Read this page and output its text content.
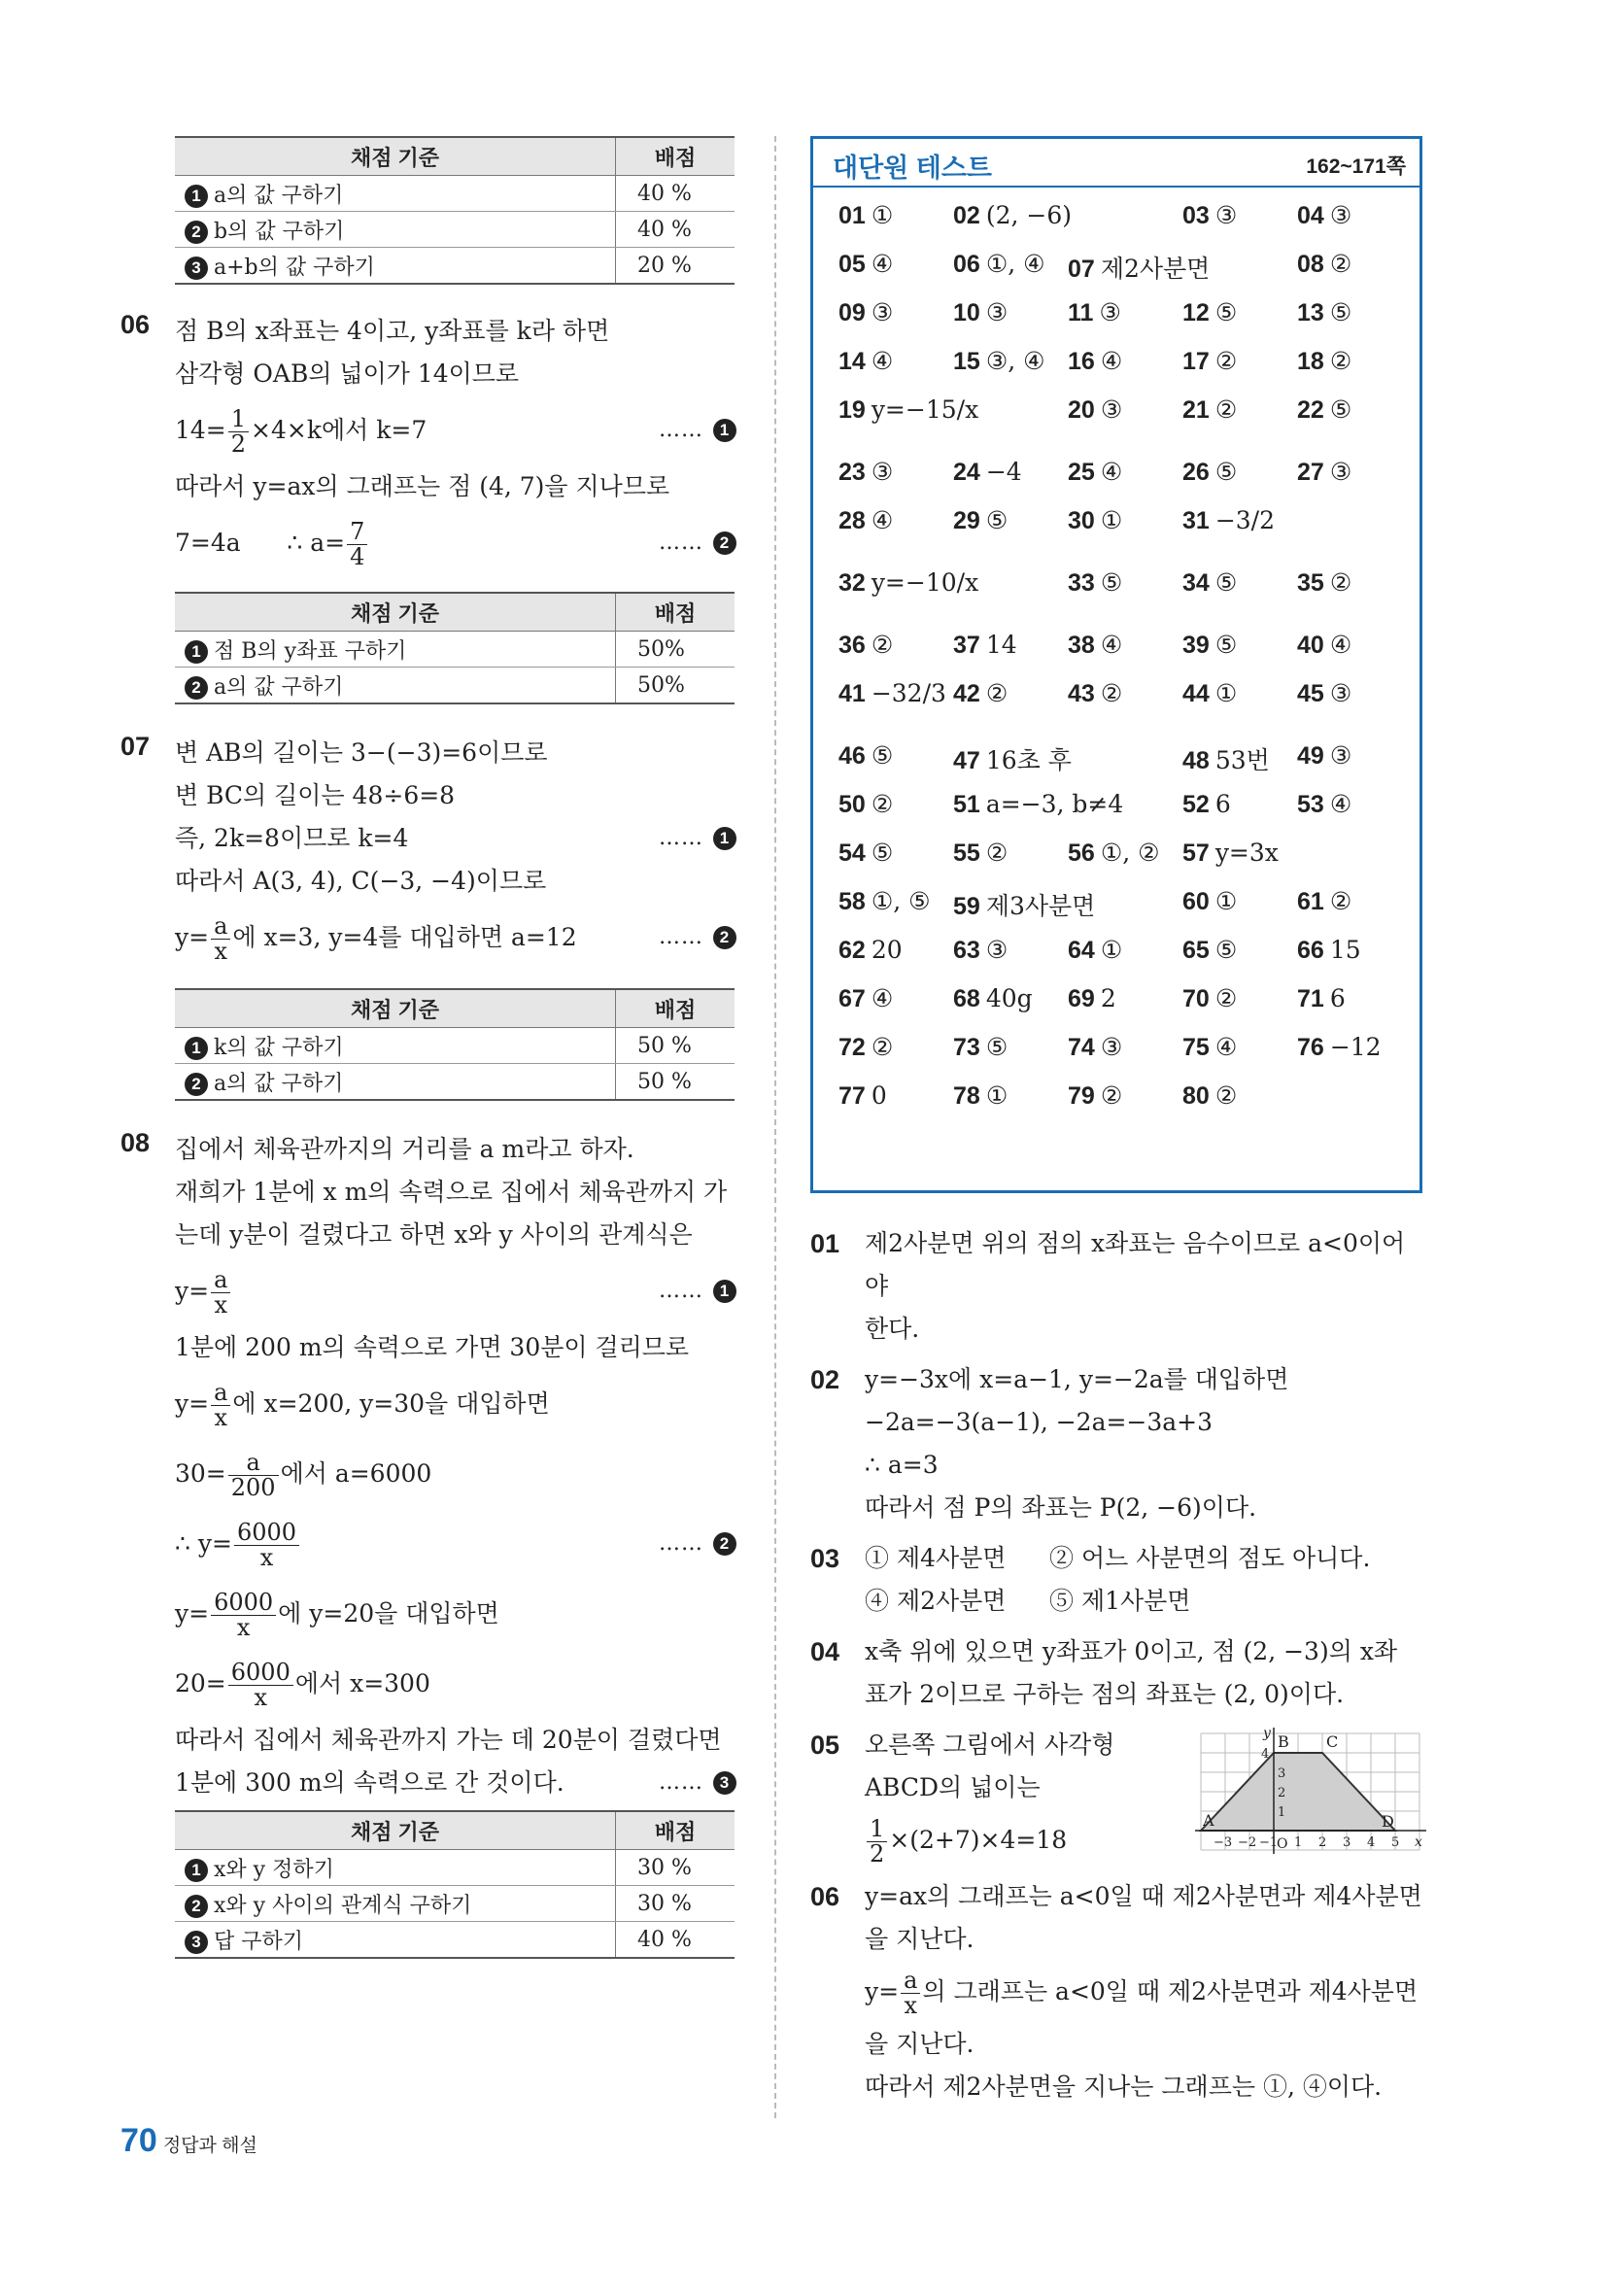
채점 기준	배점
1 a의 값 구하기	40 %
2 b의 값 구하기	40 %
3 a+b의 값 구하기	20 %
06 점 B의 x좌표는 4이고, y좌표를 k라 하면
삼각형 OAB의 넓이가 14이므로
$14= \frac{1}{2} \times 4\times k$에서 k=7	…… 1
따라서 y=ax의 그래프는 점 (4, 7)을 지나므로
7=4a      ∴ $a= \frac{7}{4}$	…… 2
채점 기준	배점
1 점 B의 y좌표 구하기	50%
2 a의 값 구하기	50%
07 변 AB의 길이는 3−(−3)=6이므로
변 BC의 길이는 48÷6=8
즉, 2k=8이므로 k=4	…… 1
따라서 A(3, 4), C(−3, −4)이므로
$y= \frac{a}{x}$ 에 x=3, y=4를 대입하면 a=12	…… 2
채점 기준	배점
1 k의 값 구하기	50 %
2 a의 값 구하기	50 %
08 집에서 체육관까지의 거리를 a m라고 하자.
재희가 1분에 x m의 속력으로 집에서 체육관까지 가
는데 y분이 걸렸다고 하면 x와 y 사이의 관계식은
$y= \frac{a}{x}$	…… 1
1분에 200 m의 속력으로 가면 30분이 걸리므로
$y= \frac{a}{x}$ 에 x=200, y=30을 대입하면
$30= \frac{a}{200}$ 에서 a=6000
∴ $y= \frac{6000}{x}$	…… 2
$y= \frac{6000}{x}$ 에 y=20을 대입하면
$20= \frac{6000}{x}$ 에서 x=300
따라서 집에서 체육관까지 가는 데 20분이 걸렸다면
1분에 300 m의 속력으로 간 것이다.	…… 3
채점 기준	배점
1 x와 y 정하기	30 %
2 x와 y 사이의 관계식 구하기	30 %
3 답 구하기	40 %
대단원 테스트	162~171쪽
01 ① 02 (2, −6)	03 ③ 04 ③
05 ④ 06 ①, ④ 07 제2사분면	08 ②
09 ③ 10 ③ 11 ③	12 ⑤ 13 ⑤
14 ④ 15 ③, ④ 16 ④ 17 ② 18 ②
19 y=−15/x	20 ③ 21 ② 22 ⑤
23 ③ 24 −4 25 ④ 26 ⑤ 27 ③
28 ④ 29 ⑤ 30 ① 31 −3/2
32 y=−10/x	33 ⑤ 34 ⑤ 35 ②
36 ② 37 14 38 ④ 39 ⑤ 40 ④
41 −32/3 42 ② 43 ② 44 ① 45 ③
46 ⑤ 47 16초 후	48 53번 49 ③
50 ② 51 a=−3, b≠4 52 6	53 ④
54 ⑤ 55 ② 56 ①, ② 57 y=3x
58 ①, ⑤ 59 제3사분면	60 ① 61 ②
62 20 63 ③ 64 ① 65 ⑤ 66 15
67 ④ 68 40g 69 2	70 ② 71 6
72 ② 73 ⑤ 74 ③ 75 ④ 76 −12
77 0	78 ① 79 ② 80 ②
01 제2사분면 위의 점의 x좌표는 음수이므로 a<0이어야
한다.
02 y=−3x에 x=a−1, y=−2a를 대입하면
−2a=−3(a−1), −2a=−3a+3
∴ a=3
따라서 점 P의 좌표는 P(2, −6)이다.
03 ① 제4사분면 ② 어느 사분면의 점도 아니다.
④ 제2사분면 ⑤ 제1사분면
04 x축 위에 있으면 y좌표가 0이고, 점 (2, −3)의 x좌
표가 2이므로 구하는 점의 좌표는 (2, 0)이다.
05 오른쪽 그림에서 사각형
ABCD의 넓이는
$\frac{1}{2} \times(2+7)\times 4=18$
A
B C
D
O	x
y
−3 −2 −1 1 2 3 4 5
1
2
3
4
06 y=ax의 그래프는 a<0일 때 제2사분면과 제4사분면
을 지난다.
$y= \frac{a}{x}$ 의 그래프는 a<0일 때 제2사분면과 제4사분면
을 지난다.
따라서 제2사분면을 지나는 그래프는 ①, ④이다.
70 정답과 해설
